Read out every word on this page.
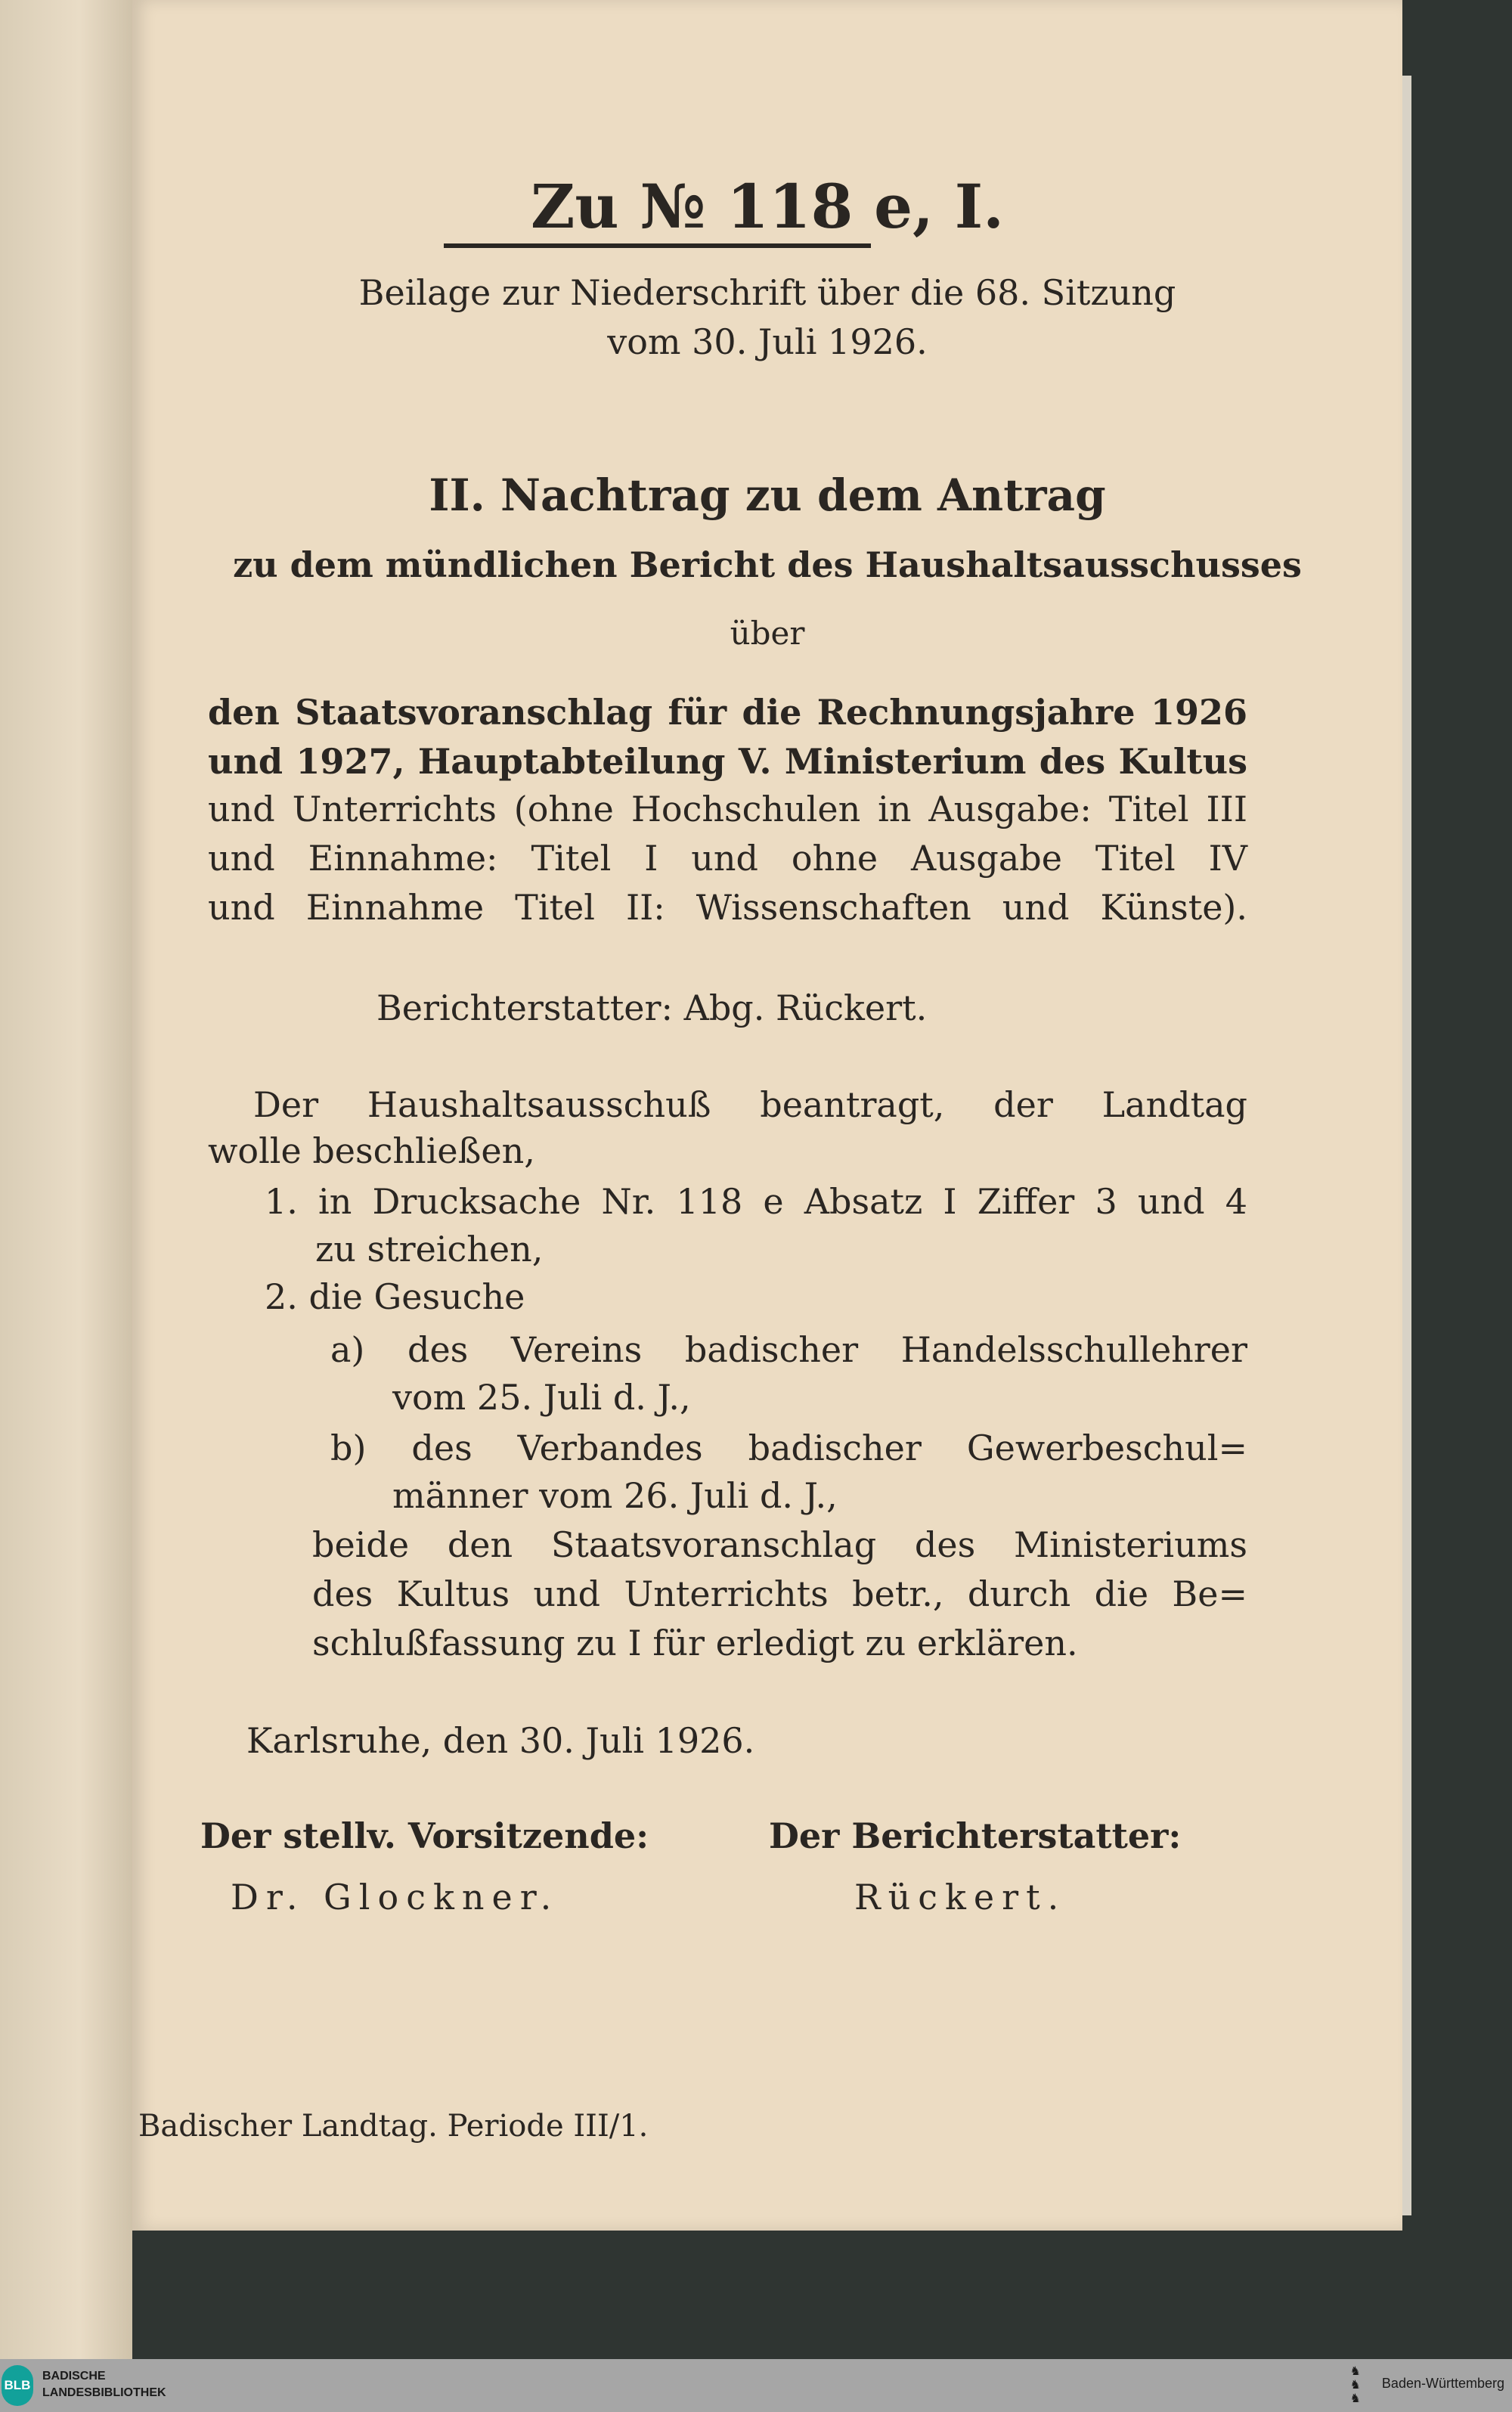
Zu № 118 e, I.
Beilage zur Niederschrift über die 68. Sitzung
vom 30. Juli 1926.
II. Nachtrag zu dem Antrag
zu dem mündlichen Bericht des Haushaltsausschusses
über
den Staatsvoranschlag für die Rechnungsjahre 1926
und 1927, Hauptabteilung V. Ministerium des Kultus
und Unterrichts (ohne Hochschulen in Ausgabe: Titel III
und Einnahme: Titel I und ohne Ausgabe Titel IV
und Einnahme Titel II: Wissenschaften und Künste).
Berichterstatter: Abg. Rückert.
Der Haushaltsausschuß beantragt, der Landtag
wolle beschließen,
1. in Drucksache Nr. 118 e Absatz I Ziffer 3 und 4
zu streichen,
2. die Gesuche
a) des Vereins badischer Handelsschullehrer
vom 25. Juli d. J.,
b) des Verbandes badischer Gewerbeschul=
männer vom 26. Juli d. J.,
beide den Staatsvoranschlag des Ministeriums
des Kultus und Unterrichts betr., durch die Be=
schlußfassung zu I für erledigt zu erklären.
Karlsruhe, den 30. Juli 1926.
Der stellv. Vorsitzende:
Dr. Glockner.
Der Berichterstatter:
Rückert.
Badischer Landtag. Periode III/1.
BLB
BADISCHE
LANDESBIBLIOTHEK
♞
♞
♞
Baden-Württemberg
